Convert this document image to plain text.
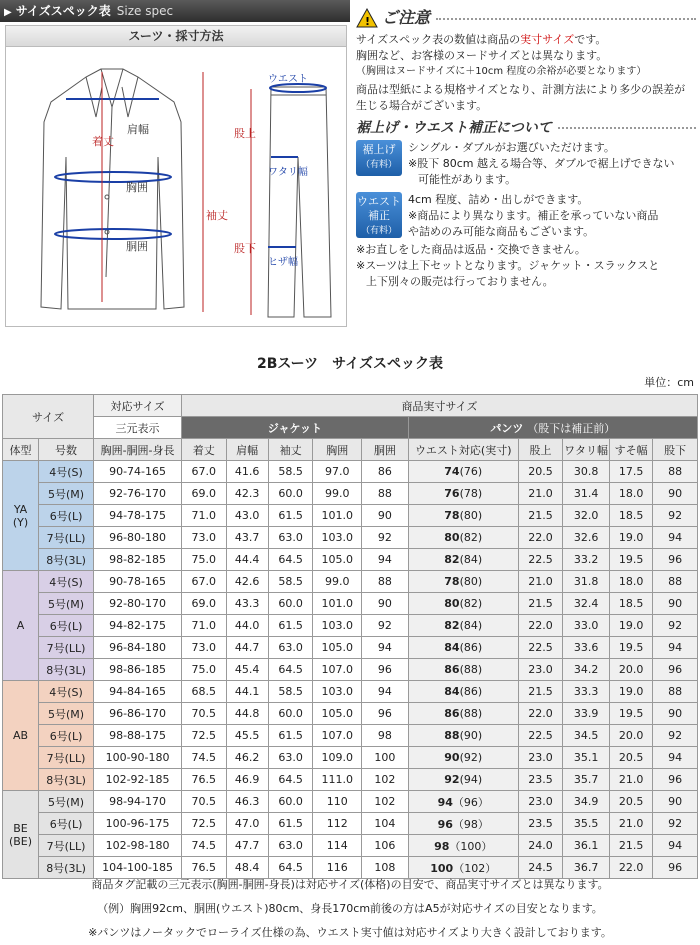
▶ サイズスペック表 Size spec
スーツ・採寸方法
肩幅
着丈
胸囲
胴囲
袖丈
ウエスト
股上
ワタリ幅
股下
ヒザ幅
! ご注意

サイズスペック表の数値は商品の実寸サイズです。

胸囲など、お客様のヌードサイズとは異なります。

（胸囲はヌードサイズに＋10cm 程度の余裕が必要となります）

商品は型紙による規格サイズとなり、計測方法により多少の誤差が生じる場合がございます。

裾上げ・ウエスト補正について
裾上げ
（有料）

シングル・ダブルがお選びいただけます。

※股下 80cm 越える場合等、ダブルで裾上げできない

可能性があります。

ウエスト
補正
（有料）

4cm 程度、詰め・出しができます。

※商品により異なります。補正を承っていない商品

や詰めのみ可能な商品もございます。

※お直しをした商品は返品・交換できません。

※スーツは上下セットとなります。ジャケット・スラックスと

上下別々の販売は行っておりません。

2Bスーツ　サイズスペック表
単位：cm
サイズ		対応サイズ	商品実寸サイズ									
		三元表示	ジャケット					パンツ （股下は補正前）				
体型	号数	胸囲-胴囲-身長	着丈	肩幅	袖丈	胸囲	胴囲	ウエスト対応(実寸)	股上	ワタリ幅	すそ幅	股下
YA
(Y)	4号(S)	90-74-165	67.0	41.6	58.5	97.0	86	74(76)	20.5	30.8	17.5	88
	5号(M)	92-76-170	69.0	42.3	60.0	99.0	88	76(78)	21.0	31.4	18.0	90
	6号(L)	94-78-175	71.0	43.0	61.5	101.0	90	78(80)	21.5	32.0	18.5	92
	7号(LL)	96-80-180	73.0	43.7	63.0	103.0	92	80(82)	22.0	32.6	19.0	94
	8号(3L)	98-82-185	75.0	44.4	64.5	105.0	94	82(84)	22.5	33.2	19.5	96
A	4号(S)	90-78-165	67.0	42.6	58.5	99.0	88	78(80)	21.0	31.8	18.0	88
	5号(M)	92-80-170	69.0	43.3	60.0	101.0	90	80(82)	21.5	32.4	18.5	90
	6号(L)	94-82-175	71.0	44.0	61.5	103.0	92	82(84)	22.0	33.0	19.0	92
	7号(LL)	96-84-180	73.0	44.7	63.0	105.0	94	84(86)	22.5	33.6	19.5	94
	8号(3L)	98-86-185	75.0	45.4	64.5	107.0	96	86(88)	23.0	34.2	20.0	96
AB	4号(S)	94-84-165	68.5	44.1	58.5	103.0	94	84(86)	21.5	33.3	19.0	88
	5号(M)	96-86-170	70.5	44.8	60.0	105.0	96	86(88)	22.0	33.9	19.5	90
	6号(L)	98-88-175	72.5	45.5	61.5	107.0	98	88(90)	22.5	34.5	20.0	92
	7号(LL)	100-90-180	74.5	46.2	63.0	109.0	100	90(92)	23.0	35.1	20.5	94
	8号(3L)	102-92-185	76.5	46.9	64.5	111.0	102	92(94)	23.5	35.7	21.0	96
BE
(BE)	5号(M)	98-94-170	70.5	46.3	60.0	110	102	94（96）	23.0	34.9	20.5	90
	6号(L)	100-96-175	72.5	47.0	61.5	112	104	96（98）	23.5	35.5	21.0	92
	7号(LL)	102-98-180	74.5	47.7	63.0	114	106	98（100）	24.0	36.1	21.5	94
	8号(3L)	104-100-185	76.5	48.4	64.5	116	108	100（102）	24.5	36.7	22.0	96
商品タグ記載の三元表示(胸囲-胴囲-身長)は対応サイズ(体格)の目安で、商品実寸サイズとは異なります。
（例）胸囲92cm、胴囲(ウエスト)80cm、身長170cm前後の方はA5が対応サイズの目安となります。
※パンツはノータックでローライズ仕様の為、ウエスト実寸値は対応サイズより大きく設計しております。
